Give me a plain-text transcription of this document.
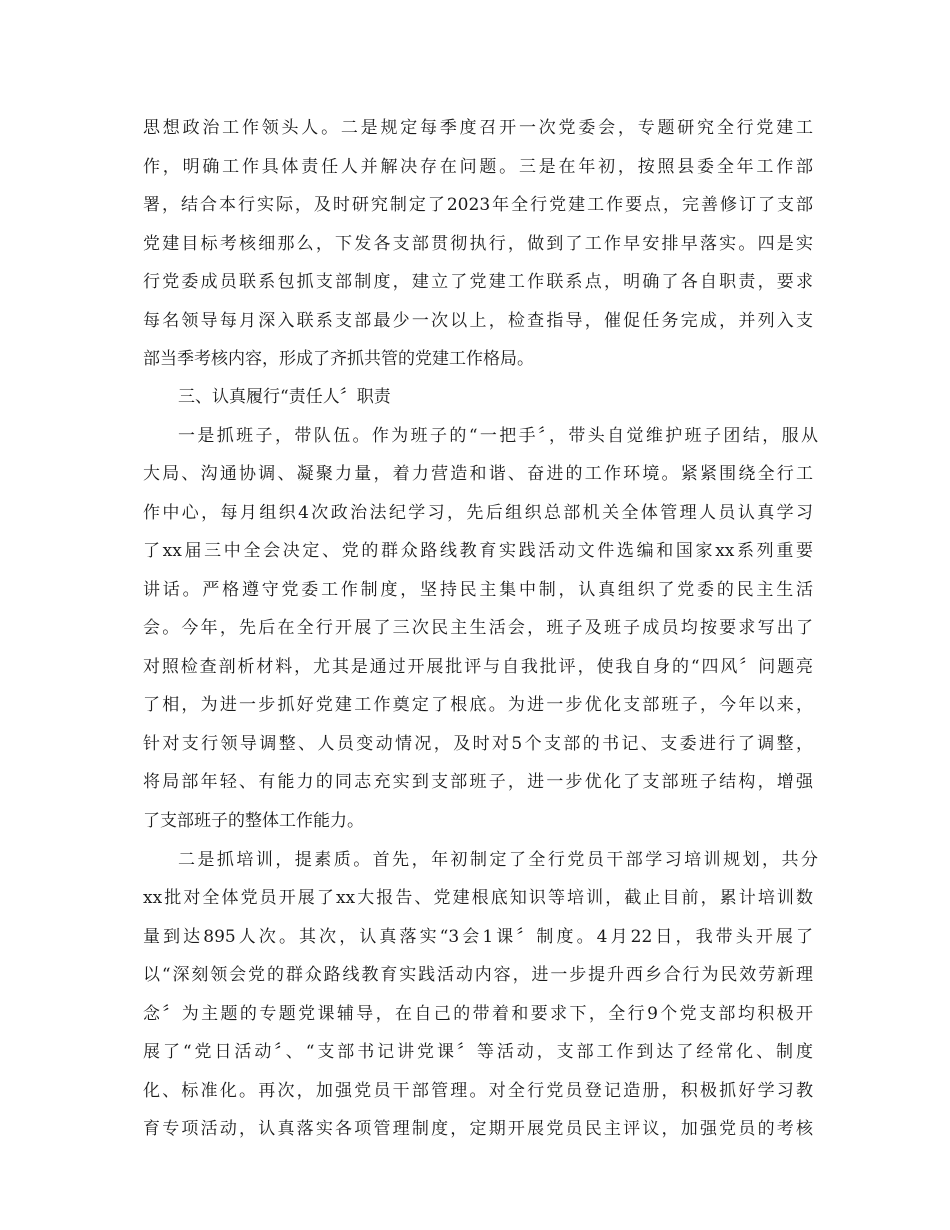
思想政治工作领头人。二是规定每季度召开一次党委会，专题研究全行党建工
作，明确工作具体责任人并解决存在问题。三是在年初，按照县委全年工作部
署，结合本行实际，及时研究制定了2023年全行党建工作要点，完善修订了支部
党建目标考核细那么，下发各支部贯彻执行，做到了工作早安排早落实。四是实
行党委成员联系包抓支部制度，建立了党建工作联系点，明确了各自职责，要求
每名领导每月深入联系支部最少一次以上，检查指导，催促任务完成，并列入支
部当季考核内容，形成了齐抓共管的党建工作格局。
三、认真履行“责任人〞职责
一是抓班子，带队伍。作为班子的“一把手〞，带头自觉维护班子团结，服从
大局、沟通协调、凝聚力量，着力营造和谐、奋进的工作环境。紧紧围绕全行工
作中心，每月组织4次政治法纪学习，先后组织总部机关全体管理人员认真学习
了xx届三中全会决定、党的群众路线教育实践活动文件选编和国家xx系列重要
讲话。严格遵守党委工作制度，坚持民主集中制，认真组织了党委的民主生活
会。今年，先后在全行开展了三次民主生活会，班子及班子成员均按要求写出了
对照检查剖析材料，尤其是通过开展批评与自我批评，使我自身的“四风〞问题亮
了相，为进一步抓好党建工作奠定了根底。为进一步优化支部班子，今年以来，
针对支行领导调整、人员变动情况，及时对5个支部的书记、支委进行了调整，
将局部年轻、有能力的同志充实到支部班子，进一步优化了支部班子结构，增强
了支部班子的整体工作能力。
二是抓培训，提素质。首先，年初制定了全行党员干部学习培训规划，共分
xx批对全体党员开展了xx大报告、党建根底知识等培训，截止目前，累计培训数
量到达895人次。其次，认真落实“3会1课〞制度。4月22日，我带头开展了
以“深刻领会党的群众路线教育实践活动内容，进一步提升西乡合行为民效劳新理
念〞为主题的专题党课辅导，在自己的带着和要求下，全行9个党支部均积极开
展了“党日活动〞、“支部书记讲党课〞等活动，支部工作到达了经常化、制度
化、标准化。再次，加强党员干部管理。对全行党员登记造册，积极抓好学习教
育专项活动，认真落实各项管理制度，定期开展党员民主评议，加强党员的考核
